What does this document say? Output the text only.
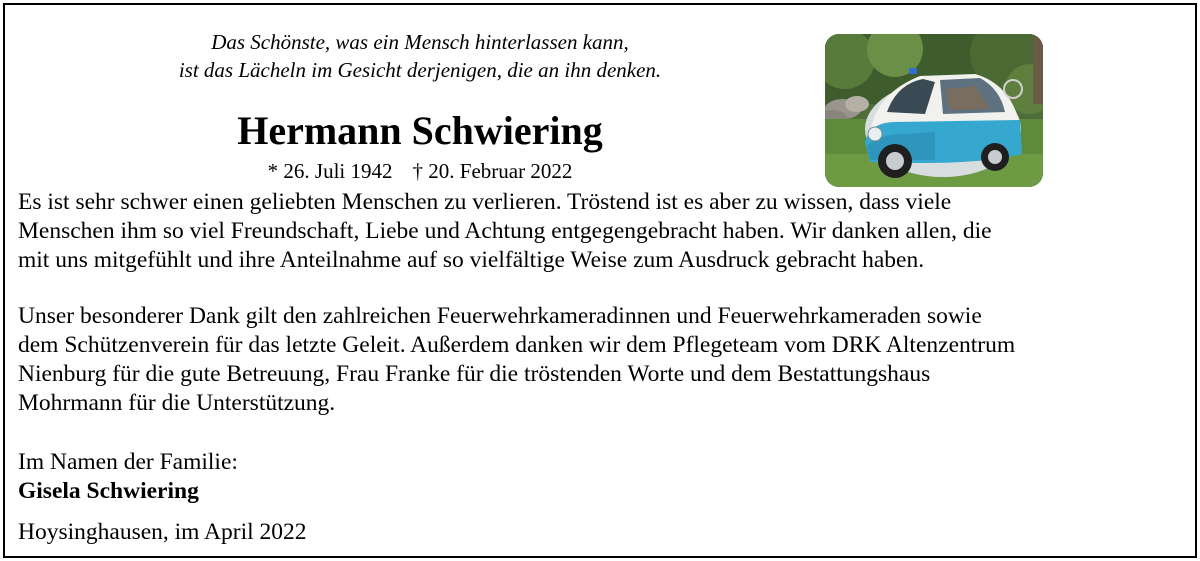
Das Schönste, was ein Mensch hinterlassen kann,
ist das Lächeln im Gesicht derjenigen, die an ihn denken.
Hermann Schwiering
* 26. Juli 1942 † 20. Februar 2022
Es ist sehr schwer einen geliebten Menschen zu verlieren. Tröstend ist es aber zu wissen, dass viele
Menschen ihm so viel Freundschaft, Liebe und Achtung entgegengebracht haben. Wir danken allen, die
mit uns mitgefühlt und ihre Anteilnahme auf so vielfältige Weise zum Ausdruck gebracht haben.
Unser besonderer Dank gilt den zahlreichen Feuerwehrkameradinnen und Feuerwehrkameraden sowie
dem Schützenverein für das letzte Geleit. Außerdem danken wir dem Pflegeteam vom DRK Altenzentrum
Nienburg für die gute Betreuung, Frau Franke für die tröstenden Worte und dem Bestattungshaus
Mohrmann für die Unterstützung.
Im Namen der Familie:
Gisela Schwiering
Hoysinghausen, im April 2022
